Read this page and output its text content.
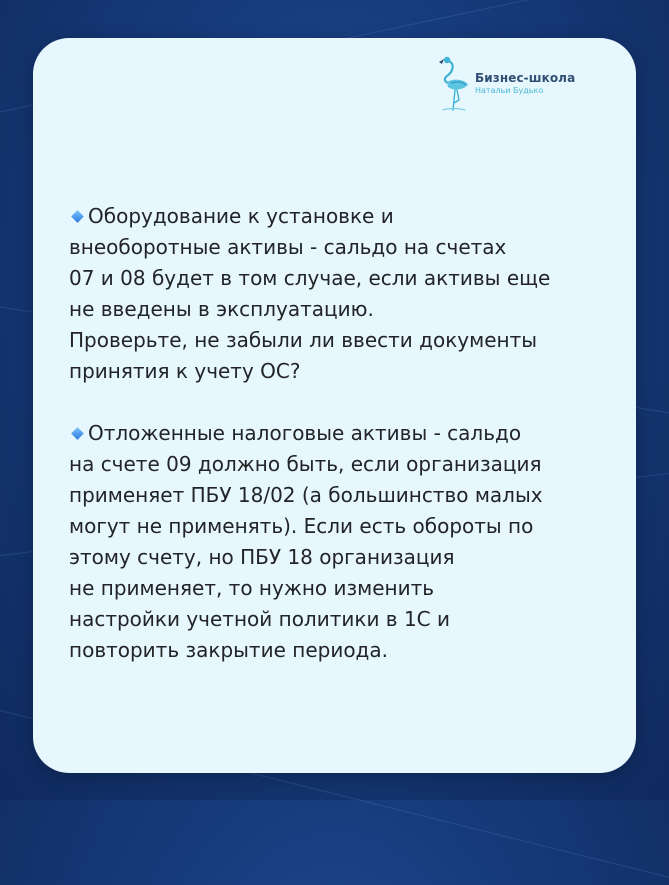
Бизнес-школа
Натальи Будько
Оборудование к установке и
внеоборотные активы - сальдо на счетах
07 и 08 будет в том случае, если активы еще
не введены в эксплуатацию.
Проверьте, не забыли ли ввести документы
принятия к учету ОС?
Отложенные налоговые активы - сальдо
на счете 09 должно быть, если организация
применяет ПБУ 18/02 (а большинство малых
могут не применять). Если есть обороты по
этому счету, но ПБУ 18 организация
не применяет, то нужно изменить
настройки учетной политики в 1С и
повторить закрытие периода.
